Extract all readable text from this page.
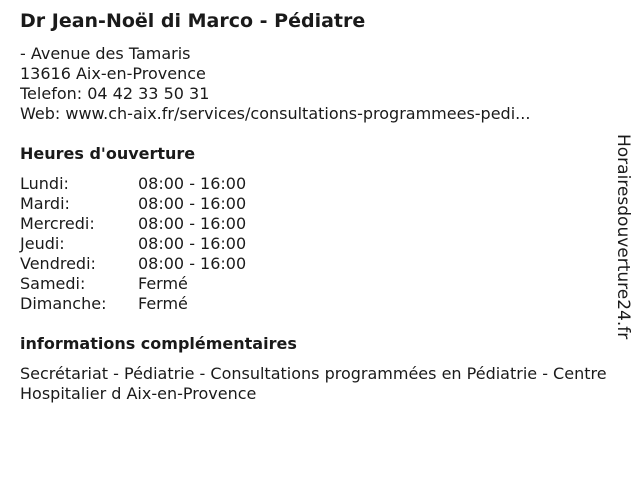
Dr Jean-Noël di Marco - Pédiatre
- Avenue des Tamaris
13616 Aix-en-Provence
Telefon: 04 42 33 50 31
Web: www.ch-aix.fr/services/consultations-programmees-pedi...
Heures d'ouverture
Lundi:	08:00 - 16:00
Mardi:	08:00 - 16:00
Mercredi:	08:00 - 16:00
Jeudi:	08:00 - 16:00
Vendredi:	08:00 - 16:00
Samedi:	Fermé
Dimanche:	Fermé
informations complémentaires
Secrétariat - Pédiatrie - Consultations programmées en Pédiatrie - Centre Hospitalier d Aix-en-Provence
Horairesdouverture24.fr
